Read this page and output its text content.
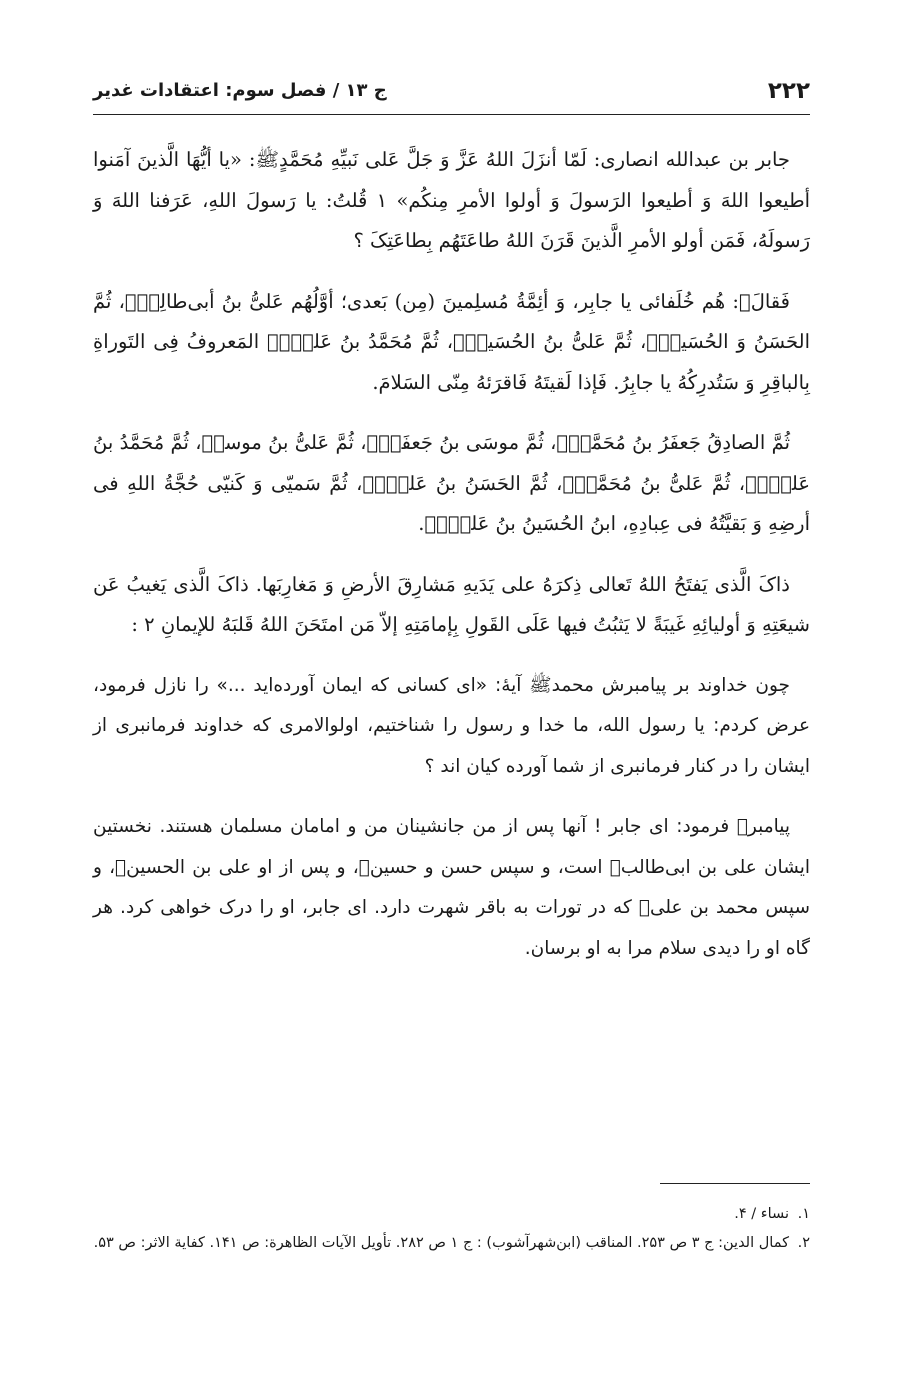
۲۲۲
ج ۱۳ / فصل سوم: اعتقادات غدیر

جابر بن عبدالله انصاری: لَمّا أنزَلَ اللهُ عَزَّ وَ جَلَّ عَلی نَبیِّهِ مُحَمَّدٍﷺ: «یا أیُّهَا الَّذینَ آمَنوا أطیعوا اللهَ وَ أطیعوا الرَسولَ وَ أولوا الأمرِ مِنکُم» ۱ قُلتُ: یا رَسولَ اللهِ، عَرَفنا اللهَ وَ رَسولَهُ، فَمَن أولو الأمرِ الَّذینَ قَرَنَ اللهُ طاعَتَهُم بِطاعَتِکَ ؟

فَقالَﷺ: هُم خُلَفائی یا جابِر، وَ أئِمَّةُ مُسلِمینَ (مِن) بَعدی؛ أوَّلُهُم عَلیُّ بنُ أبی‌طالِبٍؑ، ثُمَّ الحَسَنُ وَ الحُسَینُؑ، ثُمَّ عَلیُّ بنُ الحُسَینِؑ، ثُمَّ مُحَمَّدُ بنُ عَلیٍّؑ المَعروفُ فِی التَوراةِ بِالباقِرِ وَ سَتُدرِکُهُ یا جابِرُ. فَإذا لَقیتَهُ فَاقرَئهُ مِنّی السَلامَ.

ثُمَّ الصادِقُ جَعفَرُ بنُ مُحَمَّدٍؑ، ثُمَّ موسَی بنُ جَعفَرٍؑ، ثُمَّ عَلیُّ بنُ موسیؑ، ثُمَّ مُحَمَّدُ بنُ عَلیٍّؑ، ثُمَّ عَلیُّ بنُ مُحَمَّدٍؑ، ثُمَّ الحَسَنُ بنُ عَلیٍّؑ، ثُمَّ سَمیّی وَ کَنیّی حُجَّةُ اللهِ فی أرضِهِ وَ بَقیَّتُهُ فی عِبادِهِ، ابنُ الحُسَینُ بنُ عَلیٍّؑ.

ذاکَ الَّذی یَفتَحُ اللهُ تَعالی ذِکرَهُ علی یَدَیهِ مَشارِقَ الأرضِ وَ مَغارِبَها. ذاکَ الَّذی یَغیبُ عَن شیعَتِهِ وَ أولیائِهِ غَیبَةً لا یَثبُتُ فیها عَلَی القَولِ بِإمامَتِهِ إلاّ مَن امتَحَنَ اللهُ قَلبَهُ للإیمانِ ۲ :

چون خداوند بر پیامبرش محمدﷺ آیهٔ: «ای کسانی که ایمان آورده‌اید ...» را نازل فرمود، عرض کردم: یا رسول الله، ما خدا و رسول را شناختیم، اولوالامری که خداوند فرمانبری از ایشان را در کنار فرمانبری از شما آورده کیان اند ؟

پیامبرﷺ فرمود: ای جابر ! آنها پس از من جانشینان من و امامان مسلمان هستند. نخستین ایشان علی بن ابی‌طالبؑ است، و سپس حسن و حسینؑ، و پس از او علی بن الحسینؑ، و سپس محمد بن علیؑ که در تورات به باقر شهرت دارد. ای جابر، او را درک خواهی کرد. هر گاه او را دیدی سلام مرا به او برسان.

۱. نساء / ۴.

۲. کمال الدین: ج ۳ ص ۲۵۳. المناقب (ابن‌شهرآشوب) : ج ۱ ص ۲۸۲. تأویل الآیات الظاهرة: ص ۱۴۱. کفایة الاثر: ص ۵۳.
